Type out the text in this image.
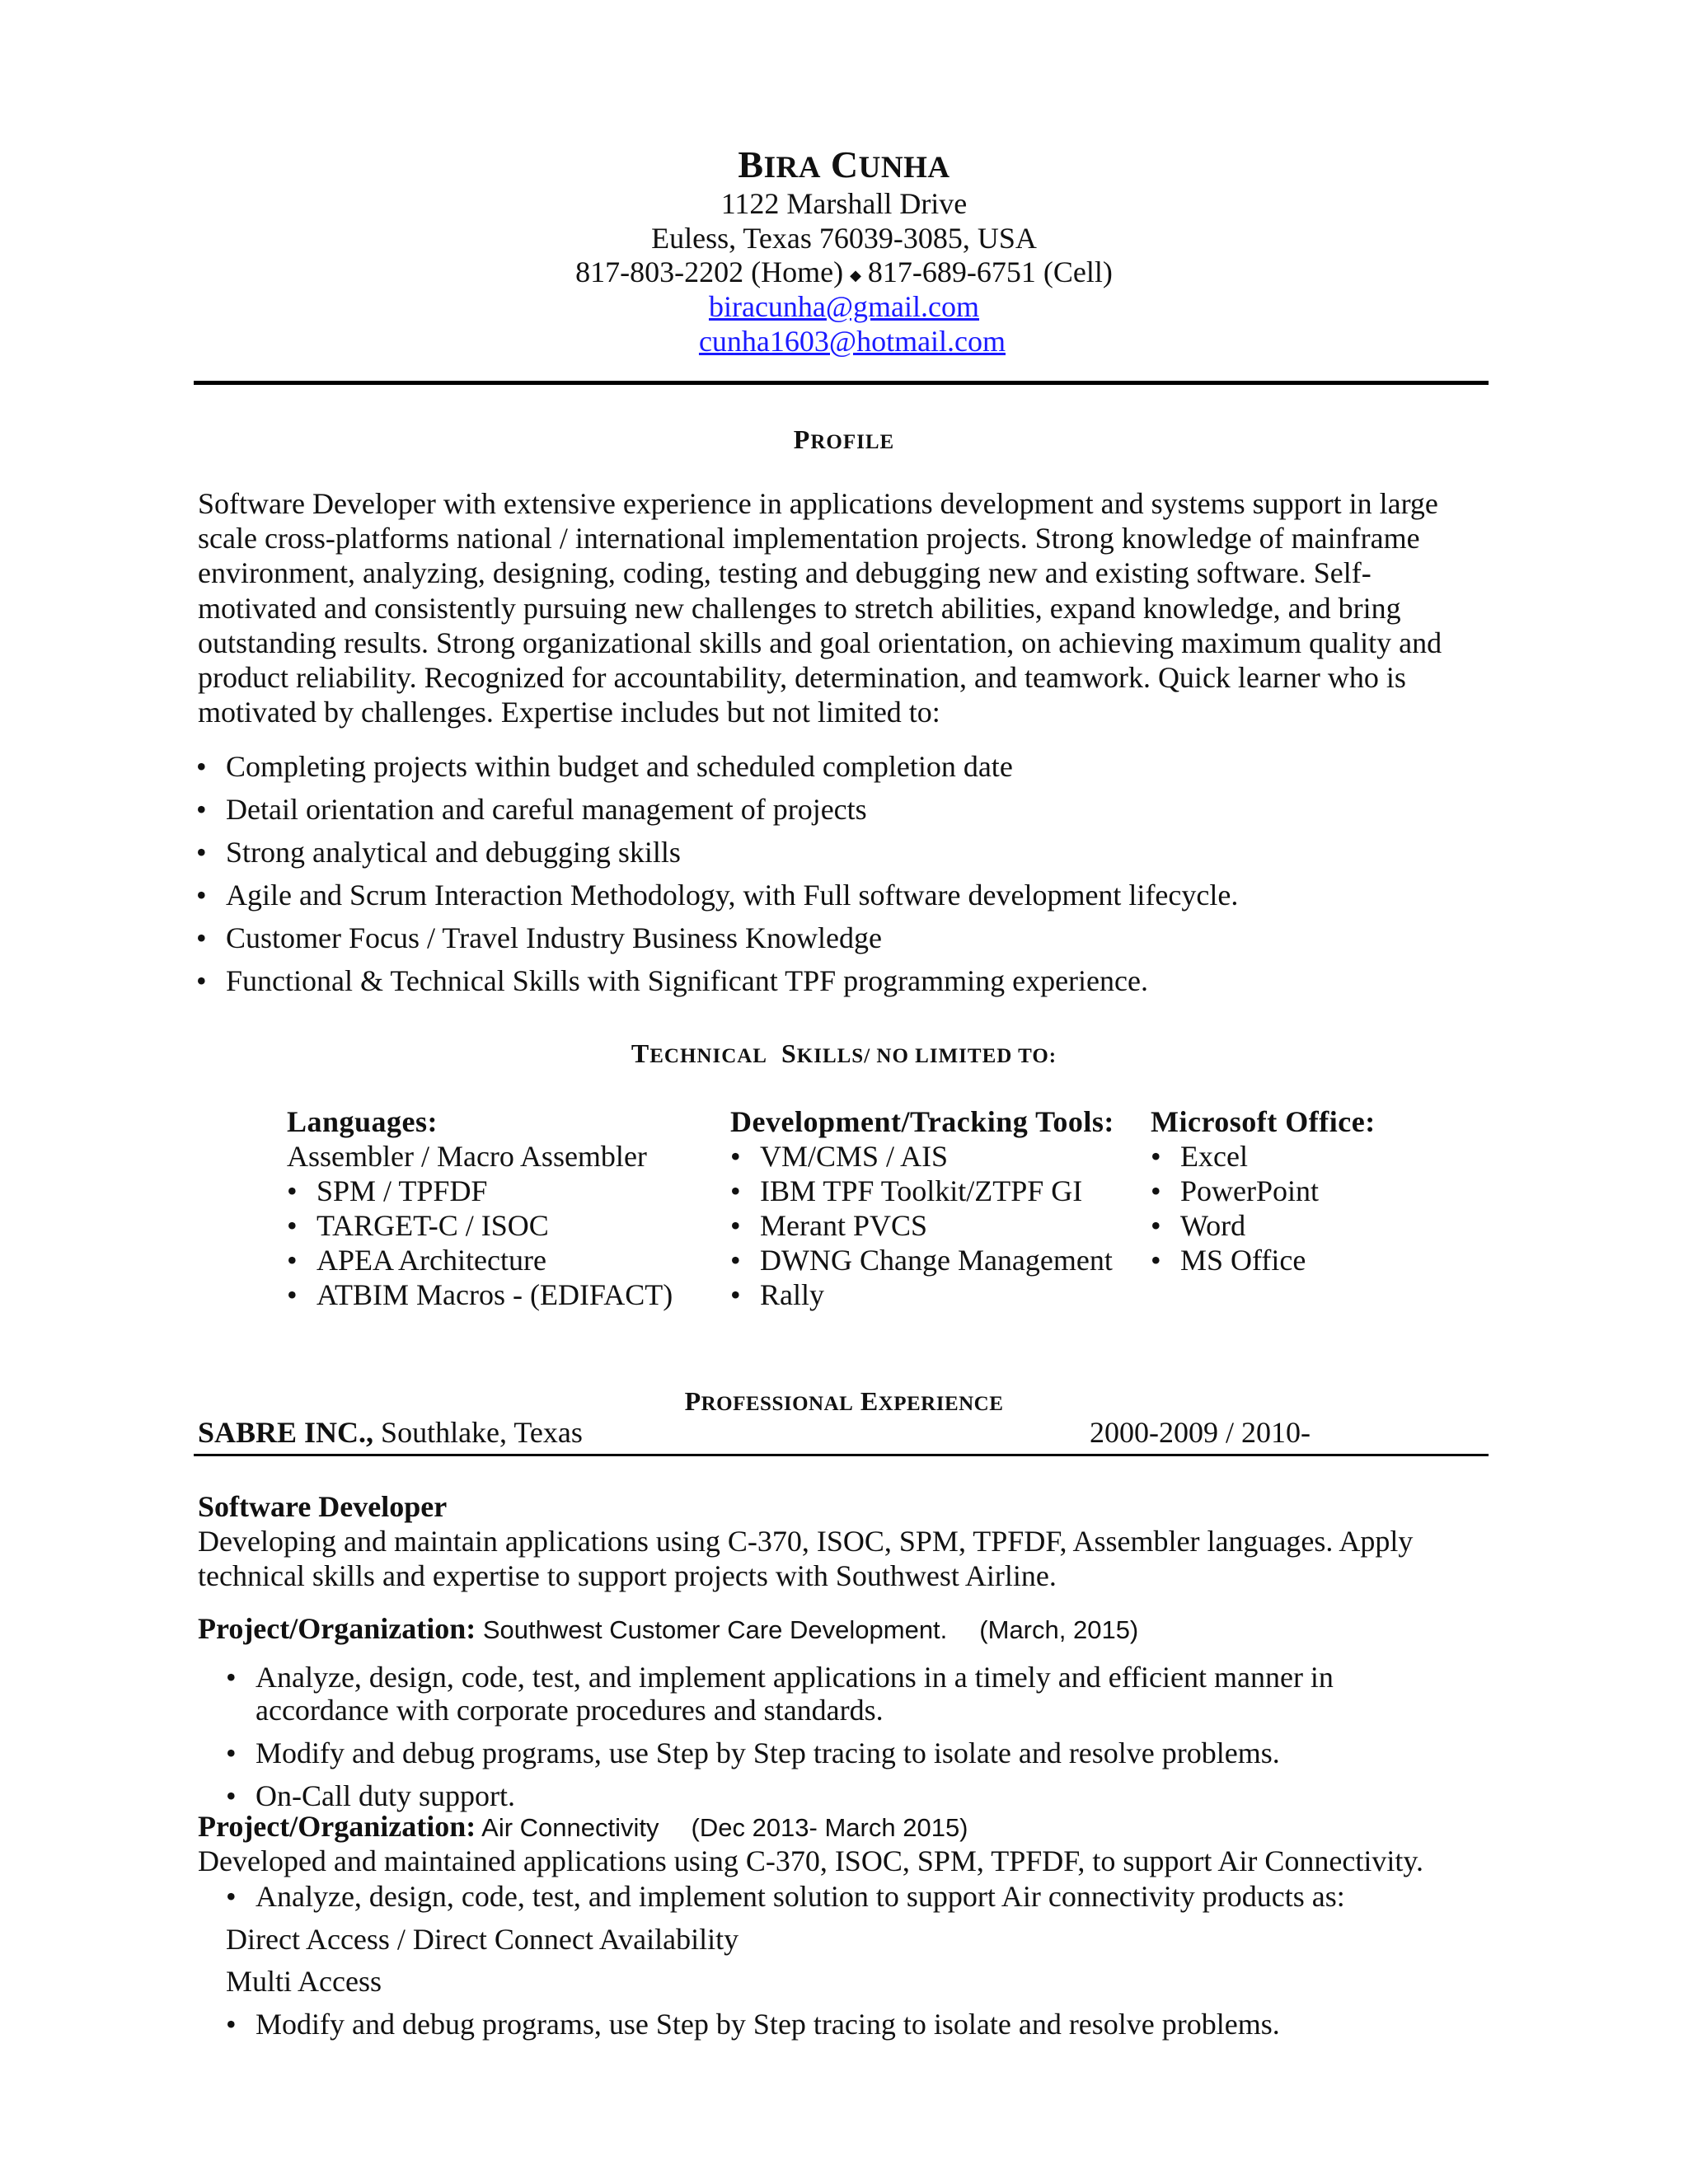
BIRA CUNHA
1122 Marshall Drive
Euless, Texas 76039-3085, USA
817-803-2202 (Home) ◆ 817-689-6751 (Cell)
biracunha@gmail.com
cunha1603@hotmail.com
PROFILE
Software Developer with extensive experience in applications development and systems support in large
scale cross-platforms national / international implementation projects. Strong knowledge of mainframe
environment, analyzing, designing, coding, testing and debugging new and existing software. Self-
motivated and consistently pursuing new challenges to stretch abilities, expand knowledge, and bring
outstanding results. Strong organizational skills and goal orientation, on achieving maximum quality and
product reliability. Recognized for accountability, determination, and teamwork. Quick learner who is
motivated by challenges. Expertise includes but not limited to:
• Completing projects within budget and scheduled completion date
• Detail orientation and careful management of projects
• Strong analytical and debugging skills
• Agile and Scrum Interaction Methodology, with Full software development lifecycle.
• Customer Focus / Travel Industry Business Knowledge
• Functional & Technical Skills with Significant TPF programming experience.
TECHNICAL SKILLS/ NO LIMITED TO:
Languages:
Assembler / Macro Assembler
• SPM / TPFDF
• TARGET-C / ISOC
• APEA Architecture
• ATBIM Macros - (EDIFACT)
Development/Tracking Tools:
• VM/CMS / AIS
• IBM TPF Toolkit/ZTPF GI
• Merant PVCS
• DWNG Change Management
• Rally
Microsoft Office:
• Excel
• PowerPoint
• Word
• MS Office
PROFESSIONAL EXPERIENCE
SABRE INC., Southlake, Texas	2000-2009 / 2010-
Software Developer
Developing and maintain applications using C-370, ISOC, SPM, TPFDF, Assembler languages. Apply
technical skills and expertise to support projects with Southwest Airline.
Project/Organization: Southwest Customer Care Development. (March, 2015)
• Analyze, design, code, test, and implement applications in a timely and efficient manner in
accordance with corporate procedures and standards.
• Modify and debug programs, use Step by Step tracing to isolate and resolve problems.
• On-Call duty support.
Project/Organization: Air Connectivity (Dec 2013- March 2015)
Developed and maintained applications using C-370, ISOC, SPM, TPFDF, to support Air Connectivity.
• Analyze, design, code, test, and implement solution to support Air connectivity products as:
Direct Access / Direct Connect Availability
Multi Access
• Modify and debug programs, use Step by Step tracing to isolate and resolve problems.
